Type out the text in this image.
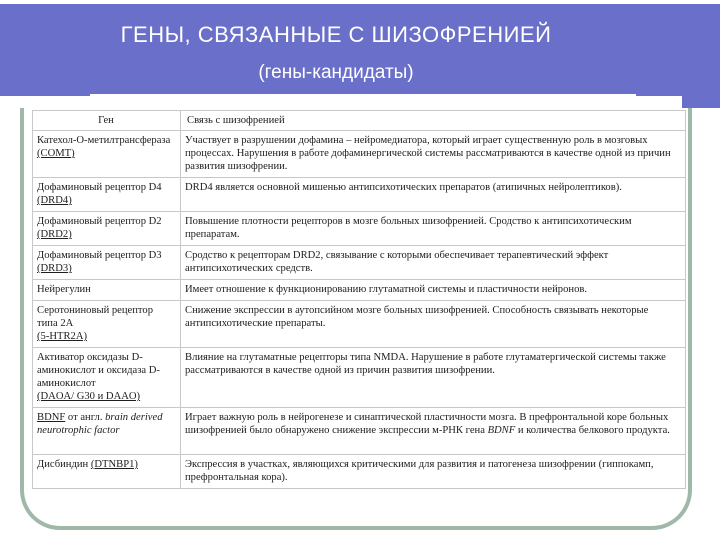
ГЕНЫ, СВЯЗАННЫЕ С ШИЗОФРЕНИЕЙ
(гены-кандидаты)
Ген	Связь с шизофренией
Катехол-О-метилтрансфераза
(COMT)	Участвует в разрушении дофамина – нейромедиатора, который играет существенную роль в мозговых процессах. Нарушения в работе дофаминергической системы рассматриваются в качестве одной из причин развития шизофрении.
Дофаминовый рецептор D4 (DRD4)	DRD4 является основной мишенью антипсихотических препаратов (атипичных нейролептиков).
Дофаминовый рецептор D2 (DRD2)	Повышение плотности рецепторов в мозге больных шизофренией. Сродство к антипсихотическим препаратам.
Дофаминовый рецептор D3 (DRD3)	Сродство к рецепторам DRD2, связывание с которыми обеспечивает терапевтический эффект антипсихотических средств.
Нейрегулин	Имеет отношение к функционированию глутаматной системы и пластичности нейронов.
Серотониновый рецептор типа 2А
(5-HTR2A)	Снижение экспрессии в аутопсийном мозге больных шизофренией. Способность связывать некоторые антипсихотические препараты.
Активатор оксидазы D-аминокислот и оксидаза D-аминокислот
(DAOA/ G30 и DAAO)	Влияние на глутаматные рецепторы типа NMDA. Нарушение в работе глутаматергической системы также рассматриваются в качестве одной из причин развития шизофрении.
BDNF от англ. brain derived neurotrophic factor	Играет важную роль в нейрогенезе и синаптической пластичности мозга. В префронтальной коре больных шизофренией было обнаружено снижение экспрессии м-РНК гена BDNF и количества белкового продукта.
Дисбиндин (DTNBP1)	Экспрессия в участках, являющихся критическими для развития и патогенеза шизофрении (гиппокамп, префронтальная кора).
